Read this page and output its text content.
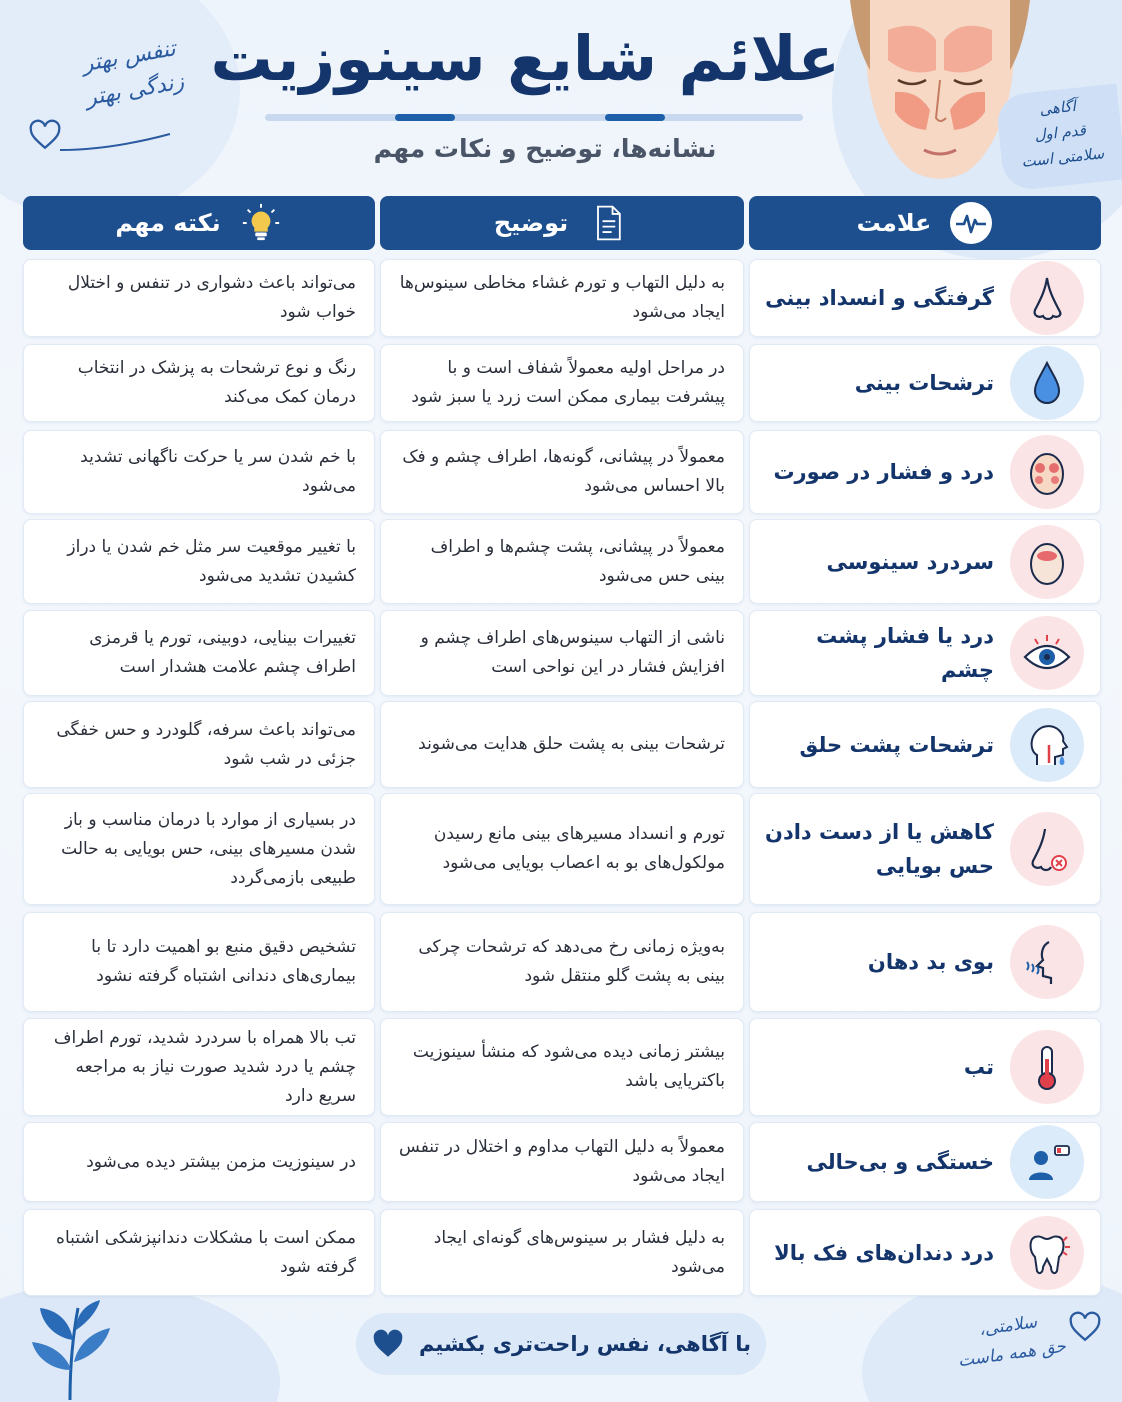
تنفس بهتر
زندگی بهتر علائم شایع سینوزیت
نشانه‌ها، توضیح و نکات مهم
آگاهی
قدم اول
سلامتی است
علامت
توضیح
نکته مهم
گرفتگی و انسداد بینی
به دلیل التهاب و تورم غشاء مخاطی سینوس‌ها ایجاد می‌شود
می‌تواند باعث دشواری در تنفس و اختلال خواب شود
ترشحات بینی
در مراحل اولیه معمولاً شفاف است و با پیشرفت بیماری ممکن است زرد یا سبز شود
رنگ و نوع ترشحات به پزشک در انتخاب درمان کمک می‌کند
درد و فشار در صورت
معمولاً در پیشانی، گونه‌ها، اطراف چشم و فک بالا احساس می‌شود
با خم شدن سر یا حرکت ناگهانی تشدید می‌شود
سردرد سینوسی
معمولاً در پیشانی، پشت چشم‌ها و اطراف بینی حس می‌شود
با تغییر موقعیت سر مثل خم شدن یا دراز کشیدن تشدید می‌شود
درد یا فشار پشت چشم
ناشی از التهاب سینوس‌های اطراف چشم و افزایش فشار در این نواحی است
تغییرات بینایی، دوبینی، تورم یا قرمزی اطراف چشم علامت هشدار است
ترشحات پشت حلق
ترشحات بینی به پشت حلق هدایت می‌شوند
می‌تواند باعث سرفه، گلودرد و حس خفگی جزئی در شب شود
کاهش یا از دست دادن حس بویایی
تورم و انسداد مسیرهای بینی مانع رسیدن مولکول‌های بو به اعصاب بویایی می‌شود
در بسیاری از موارد با درمان مناسب و باز شدن مسیرهای بینی، حس بویایی به حالت طبیعی بازمی‌گردد
بوی بد دهان
به‌ویژه زمانی رخ می‌دهد که ترشحات چرکی بینی به پشت گلو منتقل شود
تشخیص دقیق منبع بو اهمیت دارد تا با بیماری‌های دندانی اشتباه گرفته نشود
تب
بیشتر زمانی دیده می‌شود که منشأ سینوزیت باکتریایی باشد
تب بالا همراه با سردرد شدید، تورم اطراف چشم یا درد شدید صورت نیاز به مراجعه سریع دارد
خستگی و بی‌حالی
معمولاً به دلیل التهاب مداوم و اختلال در تنفس ایجاد می‌شود
در سینوزیت مزمن بیشتر دیده می‌شود
درد دندان‌های فک بالا
به دلیل فشار بر سینوس‌های گونه‌ای ایجاد می‌شود
ممکن است با مشکلات دندانپزشکی اشتباه گرفته شود
با آگاهی، نفس راحت‌تری بکشیم
سلامتی،
حق همه ماست
